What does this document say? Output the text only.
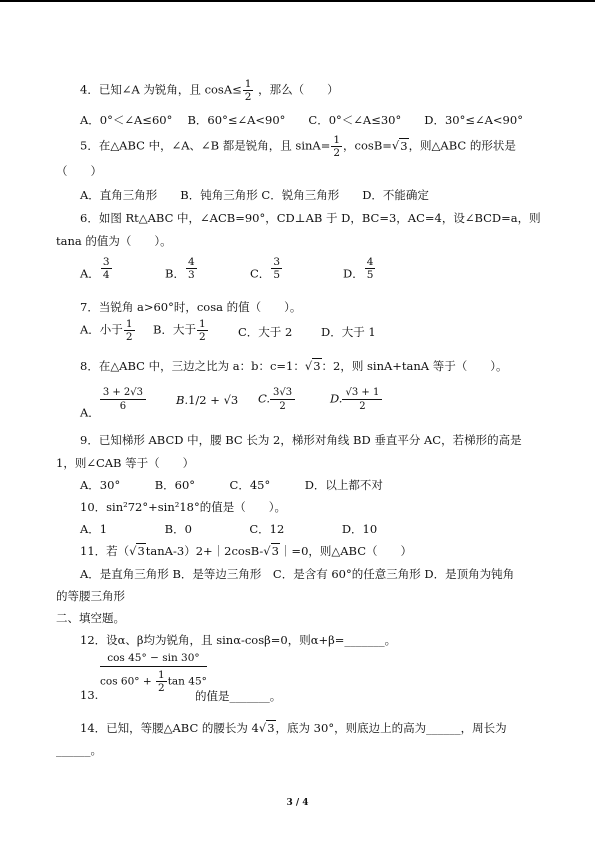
4．已知∠A 为锐角，且 $\cos A\le \frac{1}{2}$ ，那么（　　）
A．0°＜∠A≤60°　 B．60°≤∠A<90°　　C．0°＜∠A≤30°　　D．30°≤∠A<90°
5．在△ABC 中，∠A、∠B 都是锐角，且 $\sin A= \frac{1}{2}$ ，cosB=√3，则△ABC 的形状是
（　　）
A．直角三角形　　B．钝角三角形 C．锐角三角形　　D．不能确定
6．如图 Rt△ABC 中，∠ACB=90°，CD⊥AB 于 D，BC=3，AC=4，设∠BCD=a，则
tana 的值为（　　）。
A． $\frac{3}{4}$	B． $\frac{4}{3}$	C． $\frac{3}{5}$	D． $\frac{4}{5}$
7．当锐角 a>60°时，cosa 的值（　　）。
A．小于 $\frac{1}{2}$ B．大于 $\frac{1}{2}$	C．大于 2 D．大于 1
8．在△ABC 中，三边之比为 a：b：c=1：√3：2，则 sinA+tanA 等于（　　）。
A． $\frac{3 + 2√3}{6}$	B.1/2 + √3 C. $\frac{3√3}{2}$	D. $\frac{√3 + 1}{2}$
9．已知梯形 ABCD 中，腰 BC 长为 2，梯形对角线 BD 垂直平分 AC，若梯形的高是
1，则∠CAB 等于（　　）
A．30°　　　B．60°　　　C．45°　　　D．以上都不对
10．sin²72°+sin²18°的值是（　　）。
A．1　　　　　B．0　　　　　C．12　　　　　D．10
11．若（√3tanA-3）2+｜2cosB-√3｜=0，则△ABC（　　）
A．是直角三角形 B．是等边三角形　C．是含有 60°的任意三角形 D．是顶角为钝角
的等腰三角形
二、填空题。
12．设α、β均为锐角，且 sinα-cosβ=0，则α+β=_______。
13.
cos 45° − sin 30°
$\cos 60^\circ + \frac{1}{2}$ tan 45°
的值是_______。
14．已知，等腰△ABC 的腰长为 4√3，底为 30°，则底边上的高为______，周长为
______。
3 / 4
